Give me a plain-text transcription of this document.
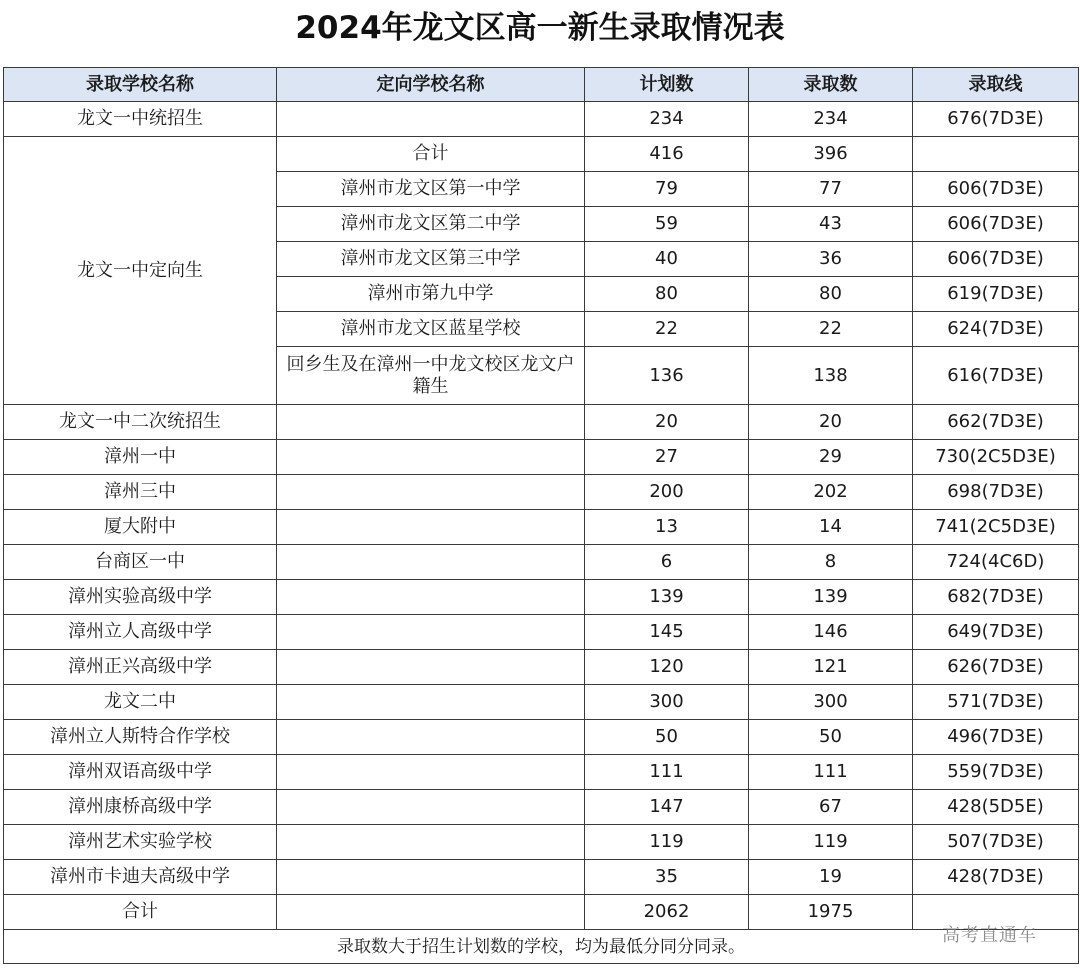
2024年龙文区高一新生录取情况表
录取学校名称	定向学校名称	计划数	录取数	录取线
龙文一中统招生		234	234	676(7D3E)
龙文一中定向生	合计	416	396	
	漳州市龙文区第一中学	79	77	606(7D3E)
	漳州市龙文区第二中学	59	43	606(7D3E)
	漳州市龙文区第三中学	40	36	606(7D3E)
	漳州市第九中学	80	80	619(7D3E)
	漳州市龙文区蓝星学校	22	22	624(7D3E)
	回乡生及在漳州一中龙文校区龙文户籍生	136	138	616(7D3E)
龙文一中二次统招生		20	20	662(7D3E)
漳州一中		27	29	730(2C5D3E)
漳州三中		200	202	698(7D3E)
厦大附中		13	14	741(2C5D3E)
台商区一中		6	8	724(4C6D)
漳州实验高级中学		139	139	682(7D3E)
漳州立人高级中学		145	146	649(7D3E)
漳州正兴高级中学		120	121	626(7D3E)
龙文二中		300	300	571(7D3E)
漳州立人斯特合作学校		50	50	496(7D3E)
漳州双语高级中学		111	111	559(7D3E)
漳州康桥高级中学		147	67	428(5D5E)
漳州艺术实验学校		119	119	507(7D3E)
漳州市卡迪夫高级中学		35	19	428(7D3E)
合计		2062	1975	
录取数大于招生计划数的学校，均为最低分同分同录。				
高考直通车
